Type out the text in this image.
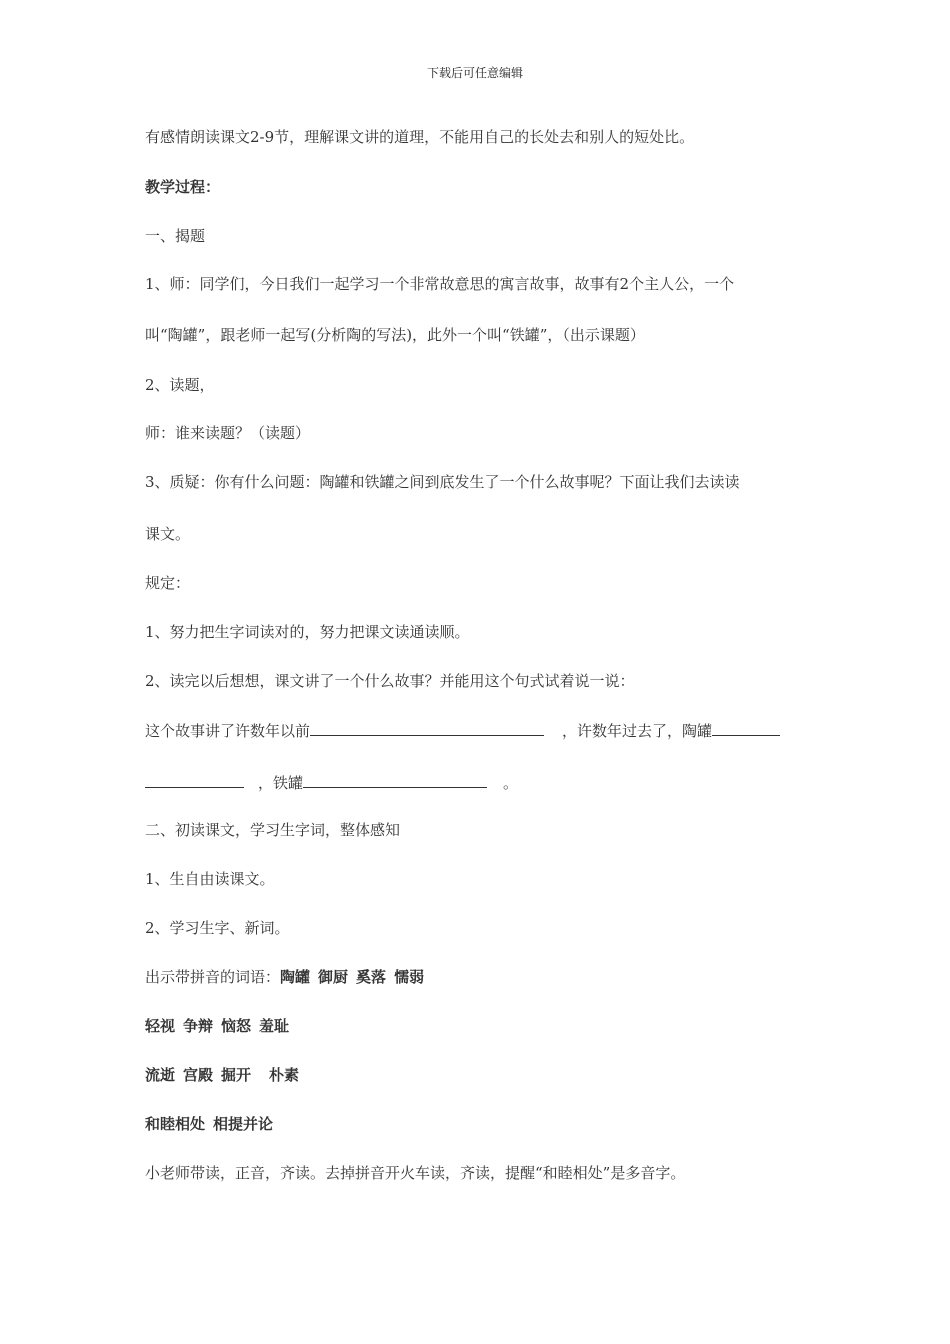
下载后可任意编辑
有感情朗读课文2-9节，理解课文讲的道理，不能用自己的长处去和别人的短处比。
教学过程：
一、揭题
1、师：同学们，今日我们一起学习一个非常故意思的寓言故事，故事有2个主人公，一个
叫“陶罐”，跟老师一起写(分析陶的写法)，此外一个叫“铁罐”，（出示课题）
2、读题，
师：谁来读题？（读题）
3、质疑：你有什么问题：陶罐和铁罐之间到底发生了一个什么故事呢？下面让我们去读读
课文。
规定：
1、努力把生字词读对的，努力把课文读通读顺。
2、读完以后想想，课文讲了一个什么故事？并能用这个句式试着说一说：
这个故事讲了许数年以前	，许数年过去了，陶罐
，铁罐	。
二、初读课文，学习生字词，整体感知
1、生自由读课文。
2、学习生字、新词。
出示带拼音的词语：陶罐 御厨 奚落 懦弱
轻视 争辩 恼怒 羞耻
流逝 宫殿 掘开 朴素
和睦相处 相提并论
小老师带读，正音，齐读。去掉拼音开火车读，齐读，提醒“和睦相处”是多音字。
